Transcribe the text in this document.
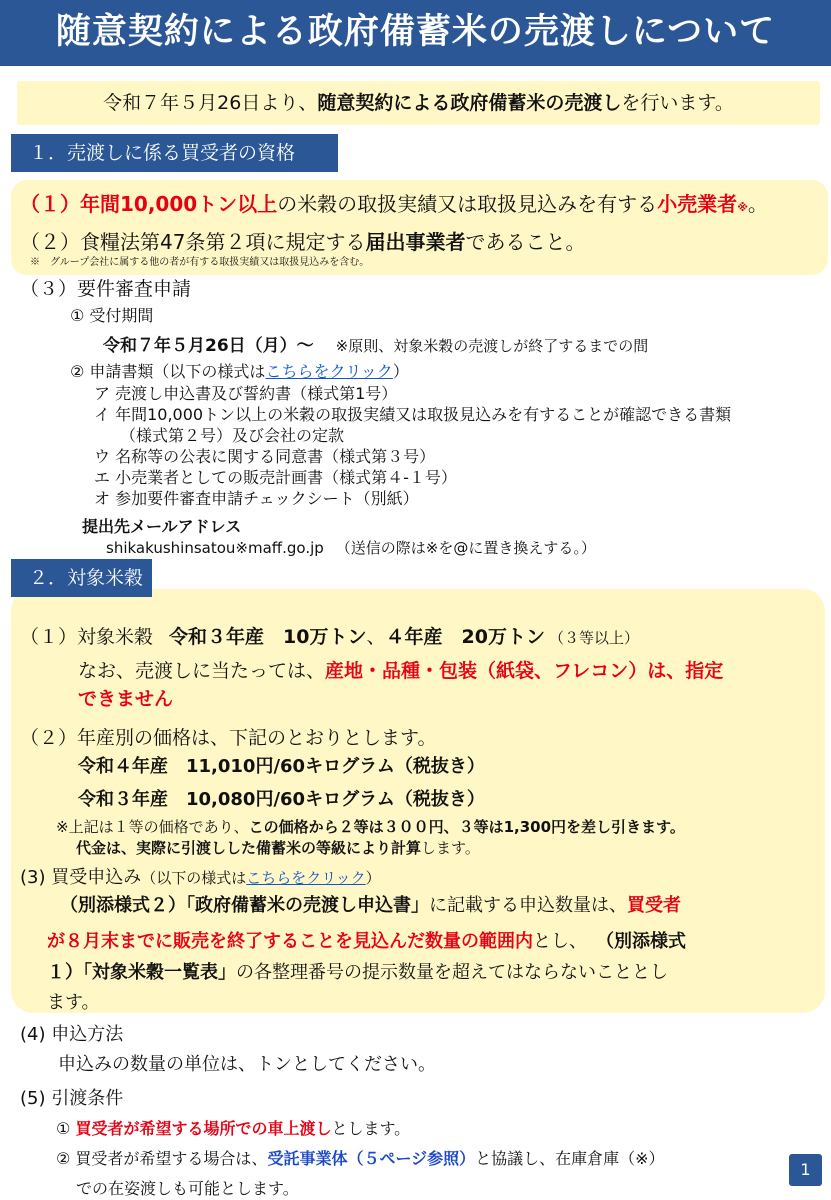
随意契約による政府備蓄米の売渡しについて
令和７年５月26日より、随意契約による政府備蓄米の売渡しを行います。
１．売渡しに係る買受者の資格
（１）年間10,000トン以上の米穀の取扱実績又は取扱見込みを有する小売業者※。
（２）食糧法第47条第２項に規定する届出事業者であること。
※　グループ会社に属する他の者が有する取扱実績又は取扱見込みを含む。
（３）要件審査申請
① 受付期間
令和７年５月26日（月）～ ※原則、対象米穀の売渡しが終了するまでの間
② 申請書類（以下の様式はこちらをクリック）
ア 売渡し申込書及び誓約書（様式第1号）
イ 年間10,000トン以上の米穀の取扱実績又は取扱見込みを有することが確認できる書類
（様式第２号）及び会社の定款
ウ 名称等の公表に関する同意書（様式第３号）
エ 小売業者としての販売計画書（様式第４-１号）
オ 参加要件審査申請チェックシート（別紙）
提出先メールアドレス
shikakushinsatou※maff.go.jp （送信の際は※を@に置き換えする。）
２．対象米穀
（１）対象米穀 令和３年産　10万トン、４年産　20万トン （３等以上）
なお、売渡しに当たっては、産地・品種・包装（紙袋、フレコン）は、指定
できません
（２）年産別の価格は、下記のとおりとします。
令和４年産　11,010円/60キログラム（税抜き）
令和３年産　10,080円/60キログラム（税抜き）
※上記は１等の価格であり、この価格から２等は３００円、３等は1,300円を差し引きます。
代金は、実際に引渡しした備蓄米の等級により計算します。
(3) 買受申込み（以下の様式はこちらをクリック）
（別添様式２）「政府備蓄米の売渡し申込書」に記載する申込数量は、買受者
が８月末までに販売を終了することを見込んだ数量の範囲内とし、 （別添様式
１）「対象米穀一覧表」の各整理番号の提示数量を超えてはならないこととし
ます。
(4) 申込方法
申込みの数量の単位は、トンとしてください。
(5) 引渡条件
① 買受者が希望する場所での車上渡しとします。
② 買受者が希望する場合は、受託事業体（５ページ参照）と協議し、在庫倉庫（※）
での在姿渡しも可能とします。
1
